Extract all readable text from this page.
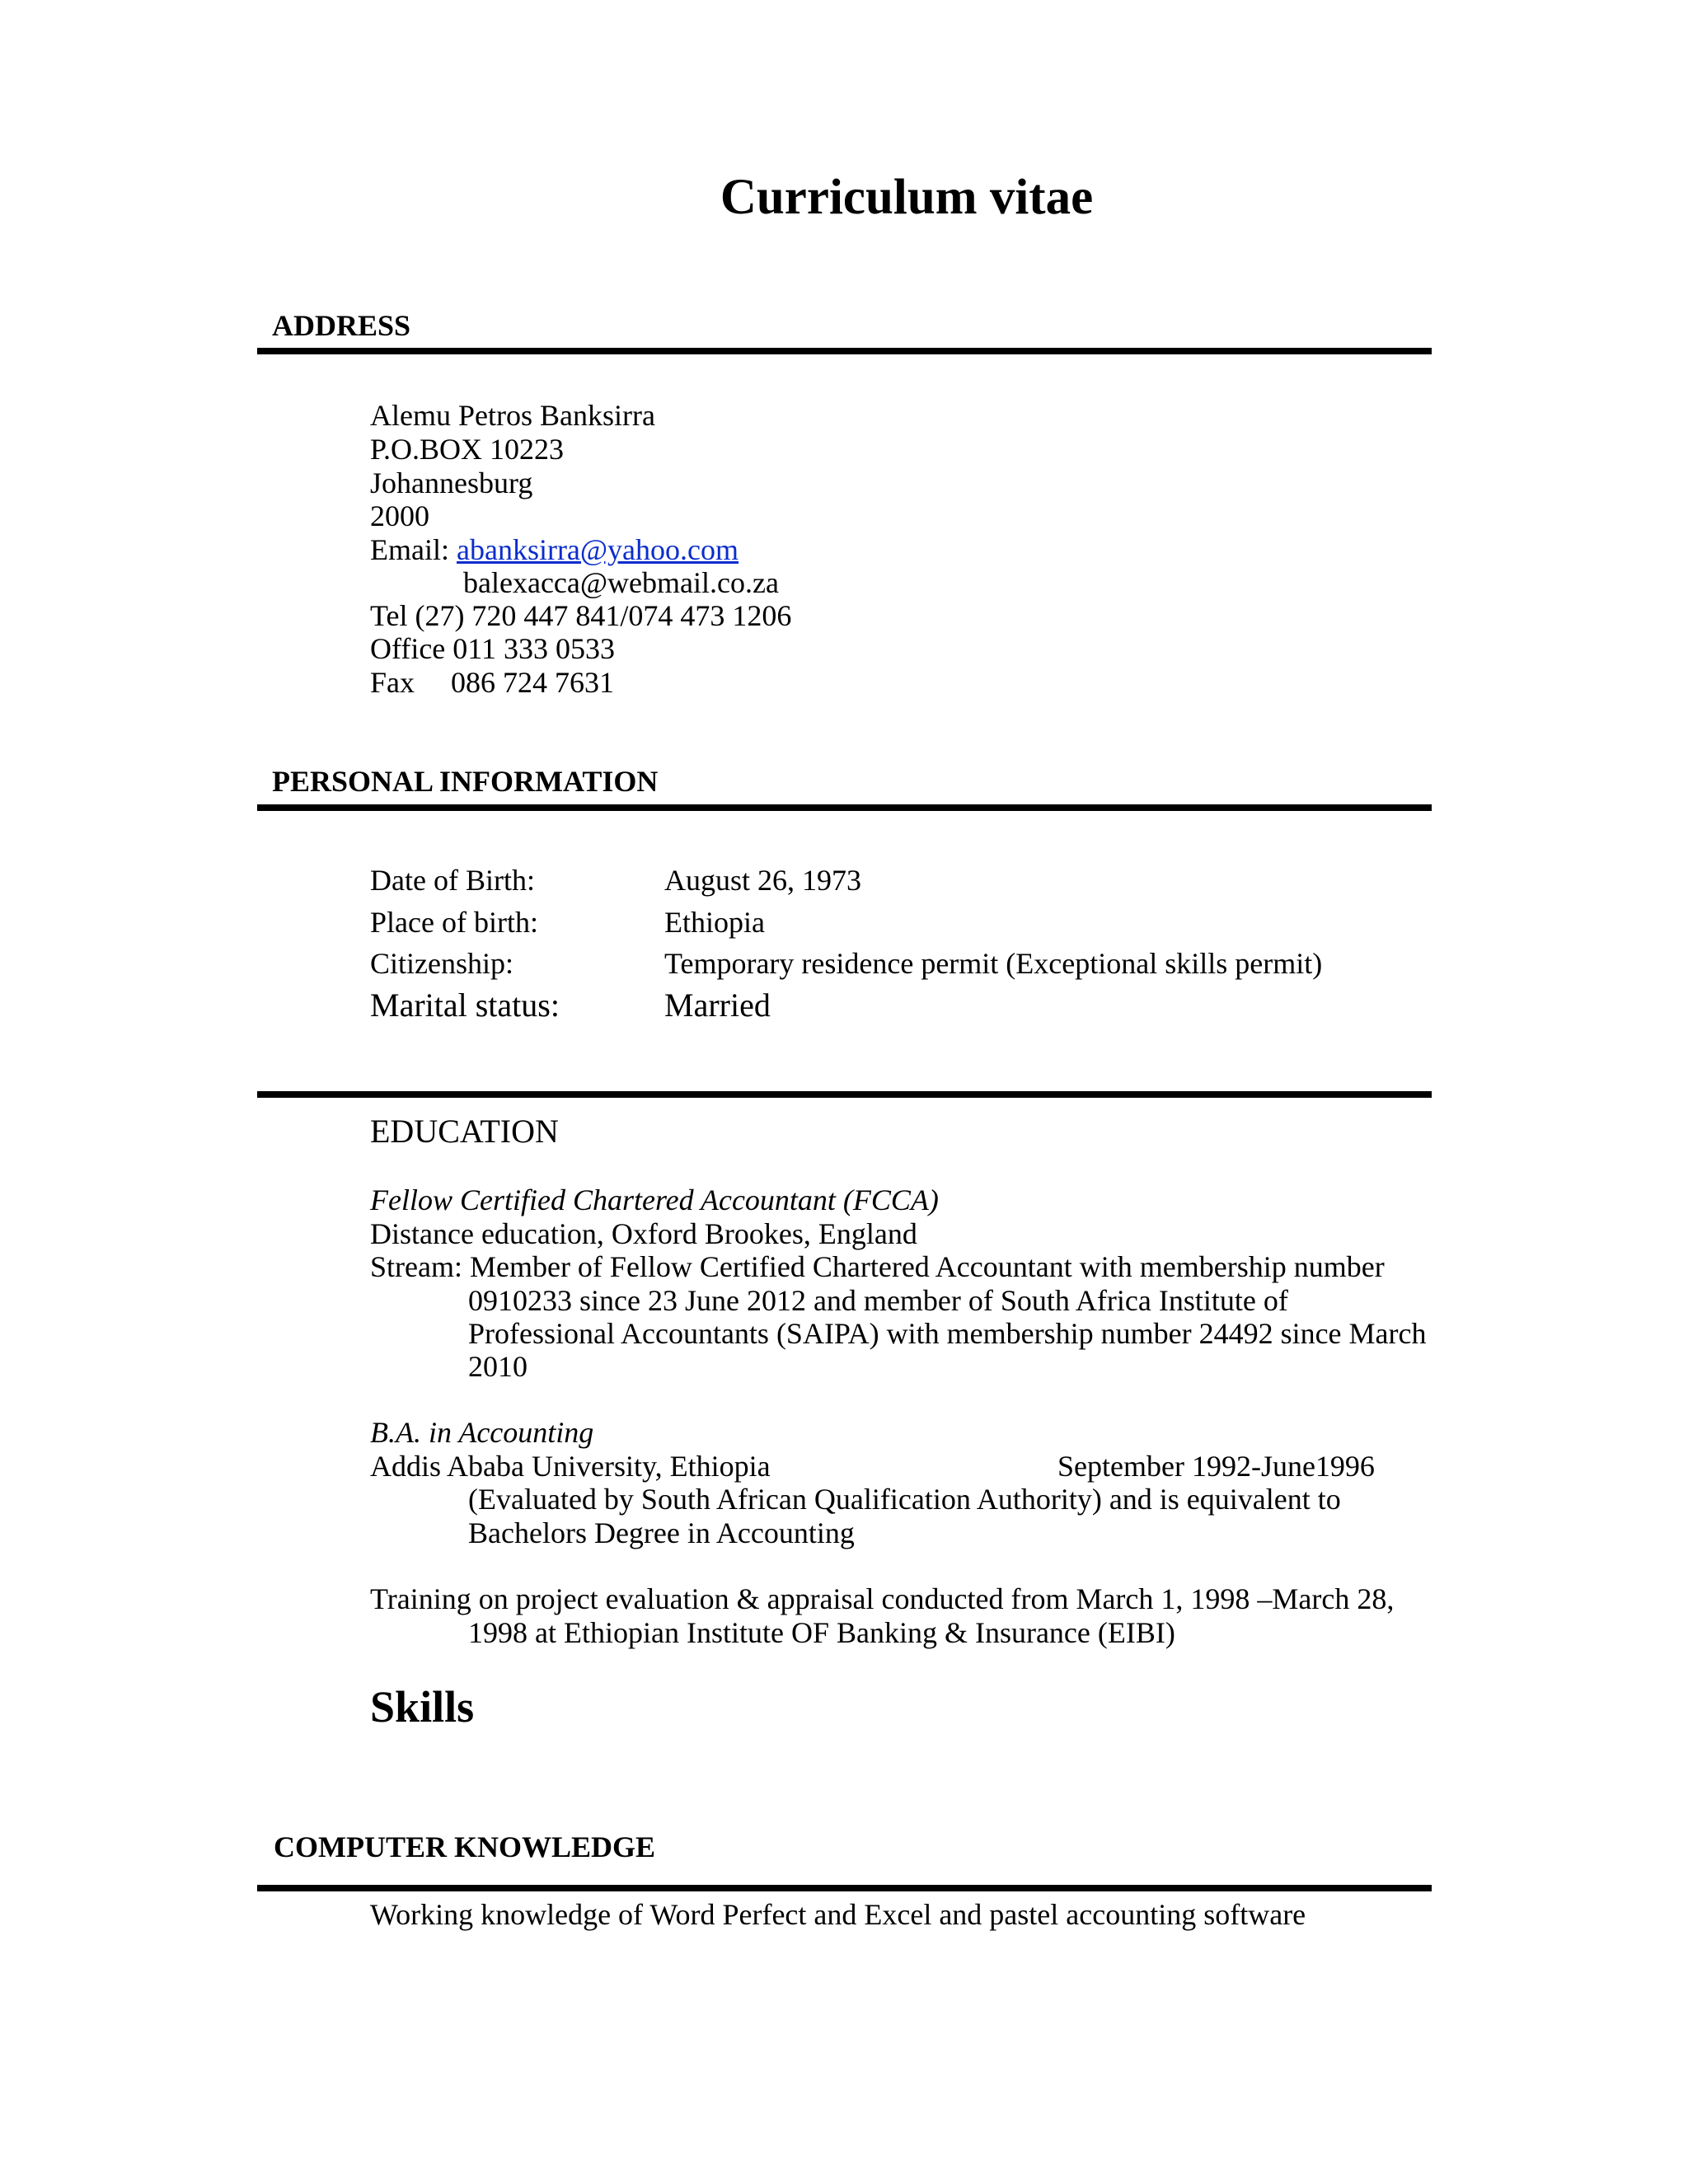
Curriculum vitae
ADDRESS
Alemu Petros Banksirra
P.O.BOX 10223
Johannesburg
2000
Email: abanksirra@yahoo.com
balexacca@webmail.co.za
Tel (27) 720 447 841/074 473 1206
Office 011 333 0533
Fax 086 724 7631
PERSONAL INFORMATION
Date of Birth:	August 26, 1973
Place of birth:	Ethiopia
Citizenship:	Temporary residence permit (Exceptional skills permit)
Marital status:	Married
EDUCATION
Fellow Certified Chartered Accountant (FCCA)
Distance education, Oxford Brookes, England
Stream: Member of Fellow Certified Chartered Accountant with membership number
0910233 since 23 June 2012 and member of South Africa Institute of
Professional Accountants (SAIPA) with membership number 24492 since March
2010
B.A. in Accounting
Addis Ababa University, Ethiopia	September 1992-June1996
(Evaluated by South African Qualification Authority) and is equivalent to
Bachelors Degree in Accounting
Training on project evaluation & appraisal conducted from March 1, 1998 –March 28,
1998 at Ethiopian Institute OF Banking & Insurance (EIBI)
Skills
COMPUTER KNOWLEDGE
Working knowledge of Word Perfect and Excel and pastel accounting software
